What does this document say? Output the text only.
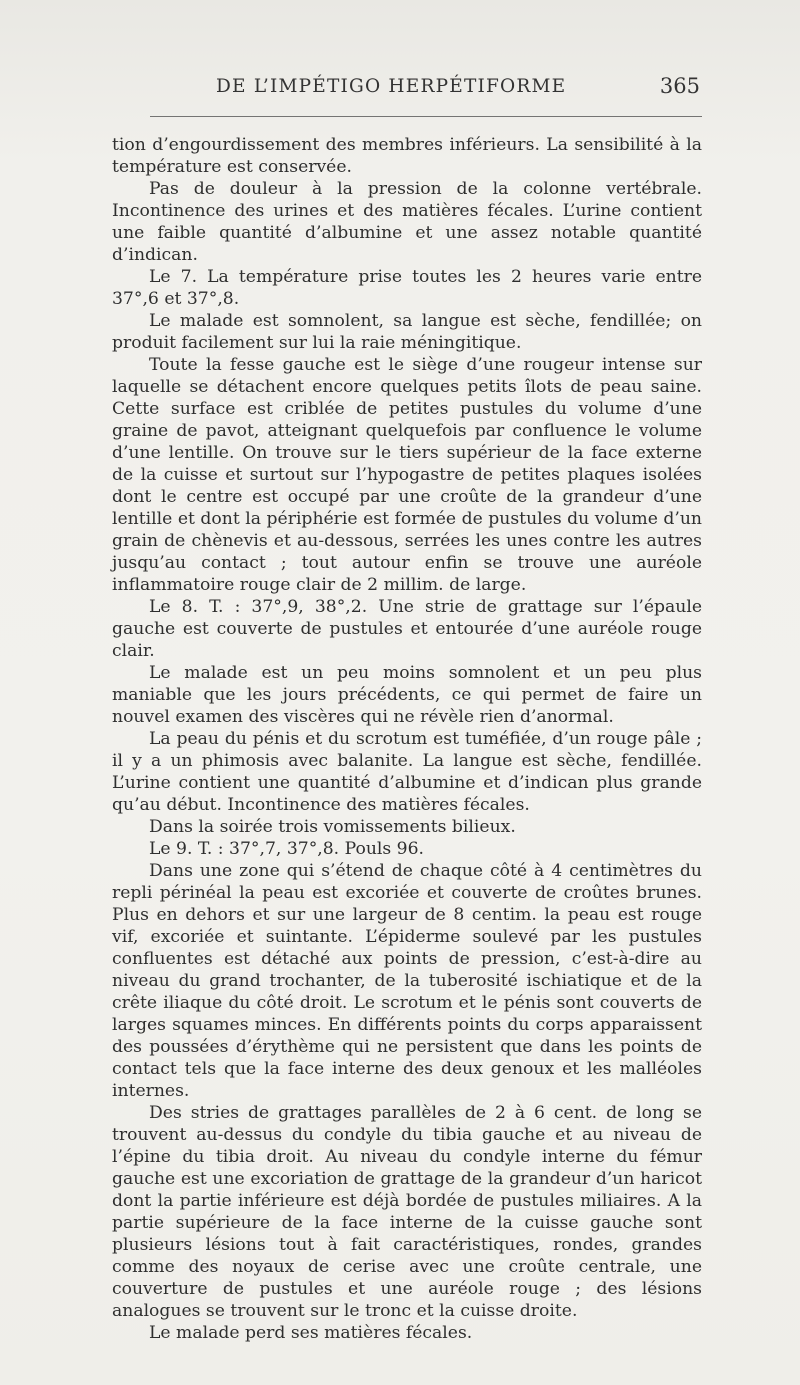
DE L’IMPÉTIGO HERPÉTIFORME	365

tion d’engourdissement des membres inférieurs. La sensibilité à la température est conservée.

Pas de douleur à la pression de la colonne vertébrale. Incontinence des urines et des matières fécales. L’urine contient une faible quantité d’albumine et une assez notable quantité d’indican.

Le 7. La température prise toutes les 2 heures varie entre 37°,6 et 37°,8.

Le malade est somnolent, sa langue est sèche, fendillée; on produit facilement sur lui la raie méningitique.

Toute la fesse gauche est le siège d’une rougeur intense sur laquelle se détachent encore quelques petits îlots de peau saine. Cette surface est criblée de petites pustules du volume d’une graine de pavot, atteignant quelquefois par confluence le volume d’une lentille. On trouve sur le tiers supérieur de la face externe de la cuisse et surtout sur l’hypogastre de petites plaques isolées dont le centre est occupé par une croûte de la grandeur d’une lentille et dont la périphérie est formée de pustules du volume d’un grain de chènevis et au-dessous, serrées les unes contre les autres jusqu’au contact ; tout autour enfin se trouve une auréole inflammatoire rouge clair de 2 millim. de large.

Le 8. T. : 37°,9, 38°,2. Une strie de grattage sur l’épaule gauche est couverte de pustules et entourée d’une auréole rouge clair.

Le malade est un peu moins somnolent et un peu plus maniable que les jours précédents, ce qui permet de faire un nouvel examen des viscères qui ne révèle rien d’anormal.

La peau du pénis et du scrotum est tuméfiée, d’un rouge pâle ; il y a un phimosis avec balanite. La langue est sèche, fendillée. L’urine contient une quantité d’albumine et d’indican plus grande qu’au début. Incontinence des matières fécales.

Dans la soirée trois vomissements bilieux.

Le 9. T. : 37°,7, 37°,8. Pouls 96.

Dans une zone qui s’étend de chaque côté à 4 centimètres du repli périnéal la peau est excoriée et couverte de croûtes brunes. Plus en dehors et sur une largeur de 8 centim. la peau est rouge vif, excoriée et suintante. L’épiderme soulevé par les pustules confluentes est détaché aux points de pression, c’est-à-dire au niveau du grand trochanter, de la tuberosité ischiatique et de la crête iliaque du côté droit. Le scrotum et le pénis sont couverts de larges squames minces. En différents points du corps apparaissent des poussées d’érythème qui ne persistent que dans les points de contact tels que la face interne des deux genoux et les malléoles internes.

Des stries de grattages parallèles de 2 à 6 cent. de long se trouvent au-dessus du condyle du tibia gauche et au niveau de l’épine du tibia droit. Au niveau du condyle interne du fémur gauche est une excoriation de grattage de la grandeur d’un haricot dont la partie inférieure est déjà bordée de pustules miliaires. A la partie supérieure de la face interne de la cuisse gauche sont plusieurs lésions tout à fait caractéristiques, rondes, grandes comme des noyaux de cerise avec une croûte centrale, une couverture de pustules et une auréole rouge ; des lésions analogues se trouvent sur le tronc et la cuisse droite.

Le malade perd ses matières fécales.
